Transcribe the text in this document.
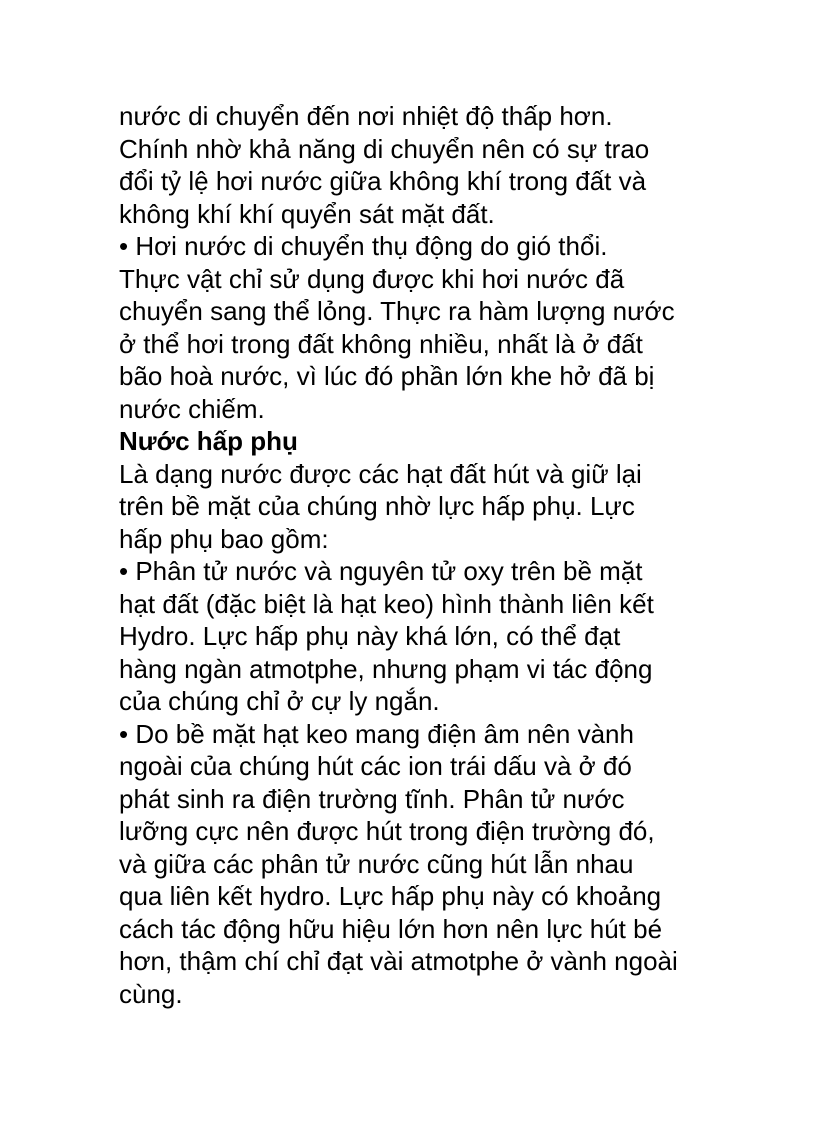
nước di chuyển đến nơi nhiệt độ thấp hơn.
Chính nhờ khả năng di chuyển nên có sự trao
đổi tỷ lệ hơi nước giữa không khí trong đất và
không khí khí quyển sát mặt đất.
• Hơi nước di chuyển thụ động do gió thổi.
Thực vật chỉ sử dụng được khi hơi nước đã
chuyển sang thể lỏng. Thực ra hàm lượng nước
ở thể hơi trong đất không nhiều, nhất là ở đất
bão hoà nước, vì lúc đó phần lớn khe hở đã bị
nước chiếm.
Nước hấp phụ
Là dạng nước được các hạt đất hút và giữ lại
trên bề mặt của chúng nhờ lực hấp phụ. Lực
hấp phụ bao gồm:
• Phân tử nước và nguyên tử oxy trên bề mặt
hạt đất (đặc biệt là hạt keo) hình thành liên kết
Hydro. Lực hấp phụ này khá lớn, có thể đạt
hàng ngàn atmotphe, nhưng phạm vi tác động
của chúng chỉ ở cự ly ngắn.
• Do bề mặt hạt keo mang điện âm nên vành
ngoài của chúng hút các ion trái dấu và ở đó
phát sinh ra điện trường tĩnh. Phân tử nước
lưỡng cực nên được hút trong điện trường đó,
và giữa các phân tử nước cũng hút lẫn nhau
qua liên kết hydro. Lực hấp phụ này có khoảng
cách tác động hữu hiệu lớn hơn nên lực hút bé
hơn, thậm chí chỉ đạt vài atmotphe ở vành ngoài
cùng.
